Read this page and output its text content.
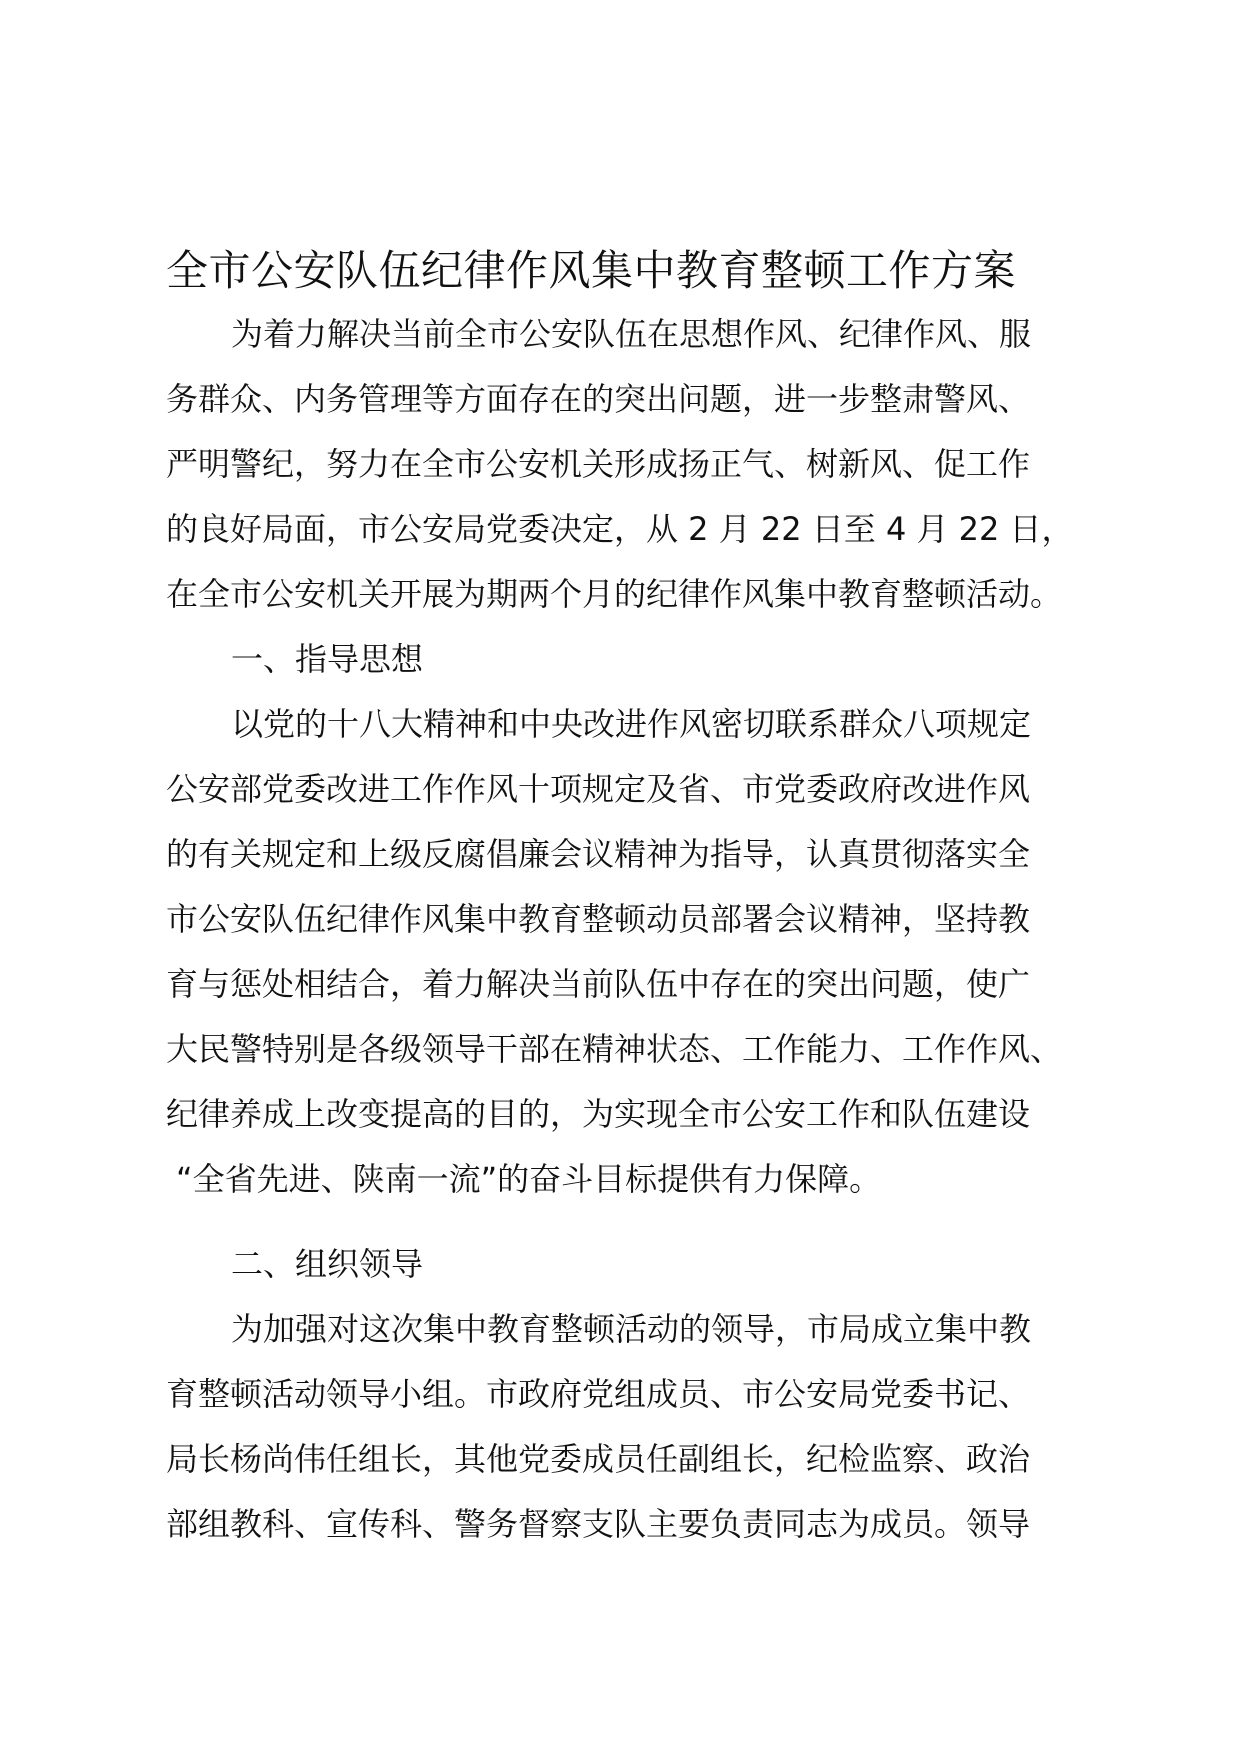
全市公安队伍纪律作风集中教育整顿工作方案

为着力解决当前全市公安队伍在思想作风、纪律作风、服
务群众、内务管理等方面存在的突出问题，进一步整肃警风、
严明警纪，努力在全市公安机关形成扬正气、树新风、促工作
的良好局面，市公安局党委决定，从 2 月 22 日至 4 月 22 日，
在全市公安机关开展为期两个月的纪律作风集中教育整顿活动。

一、指导思想

以党的十八大精神和中央改进作风密切联系群众八项规定
公安部党委改进工作作风十项规定及省、市党委政府改进作风
的有关规定和上级反腐倡廉会议精神为指导，认真贯彻落实全
市公安队伍纪律作风集中教育整顿动员部署会议精神，坚持教
育与惩处相结合，着力解决当前队伍中存在的突出问题，使广
大民警特别是各级领导干部在精神状态、工作能力、工作作风、
纪律养成上改变提高的目的，为实现全市公安工作和队伍建设
“全省先进、陕南一流”的奋斗目标提供有力保障。

二、组织领导

为加强对这次集中教育整顿活动的领导，市局成立集中教
育整顿活动领导小组。市政府党组成员、市公安局党委书记、
局长杨尚伟任组长，其他党委成员任副组长，纪检监察、政治
部组教科、宣传科、警务督察支队主要负责同志为成员。领导
